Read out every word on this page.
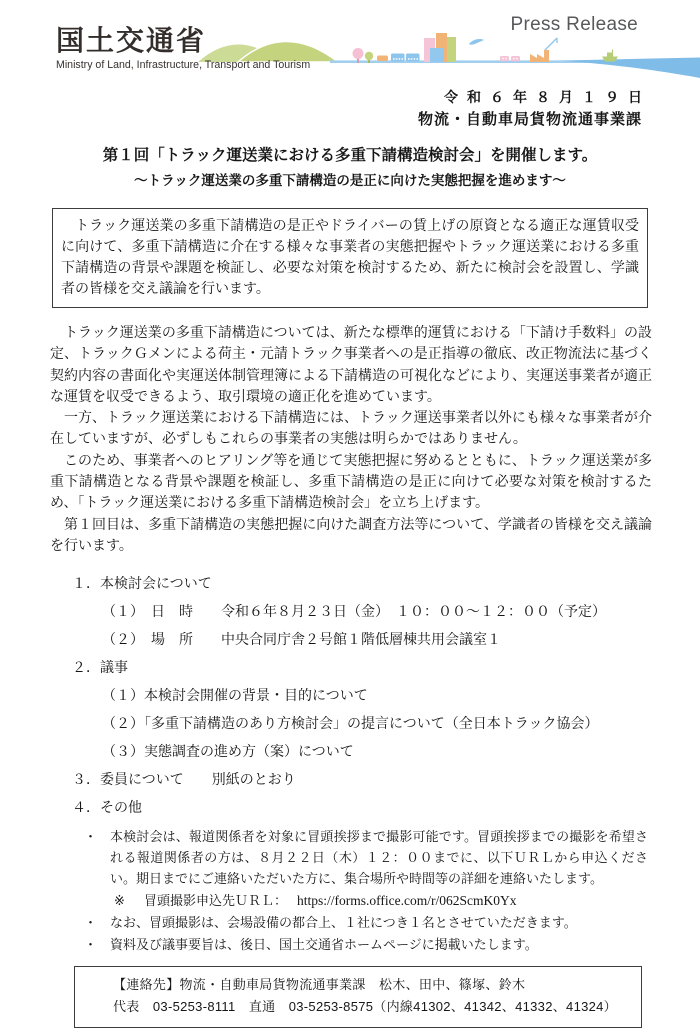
国土交通省
Ministry of Land, Infrastructure, Transport and Tourism
Press Release
令和６年８月１９日
物流・自動車局貨物流通事業課
第１回「トラック運送業における多重下請構造検討会」を開催します。
～トラック運送業の多重下請構造の是正に向けた実態把握を進めます～

トラック運送業の多重下請構造の是正やドライバーの賃上げの原資となる適正な運賃収受に向けて、多重下請構造に介在する様々な事業者の実態把握やトラック運送業における多重下請構造の背景や課題を検証し、必要な対策を検討するため、新たに検討会を設置し、学識者の皆様を交え議論を行います。

トラック運送業の多重下請構造については、新たな標準的運賃における「下請け手数料」の設定、トラックＧメンによる荷主・元請トラック事業者への是正指導の徹底、改正物流法に基づく契約内容の書面化や実運送体制管理簿による下請構造の可視化などにより、実運送事業者が適正な運賃を収受できるよう、取引環境の適正化を進めています。

一方、トラック運送業における下請構造には、トラック運送事業者以外にも様々な事業者が介在していますが、必ずしもこれらの事業者の実態は明らかではありません。

このため、事業者へのヒアリング等を通じて実態把握に努めるとともに、トラック運送業が多重下請構造となる背景や課題を検証し、多重下請構造の是正に向けて必要な対策を検討するため、「トラック運送業における多重下請構造検討会」を立ち上げます。

第１回目は、多重下請構造の実態把握に向けた調査方法等について、学識者の皆様を交え議論を行います。

１．本検討会について
（１）　日　時　　令和６年８月２３日（金）　１０：００～１２：００（予定）
（２）　場　所　　中央合同庁舎２号館１階低層棟共用会議室１
２．議事
（１）本検討会開催の背景・目的について
（２）「多重下請構造のあり方検討会」の提言について（全日本トラック協会）
（３）実態調査の進め方（案）について
３．委員について　　別紙のとおり
４．その他
・ 本検討会は、報道関係者を対象に冒頭挨拶まで撮影可能です。冒頭挨拶までの撮影を希望される報道関係者の方は、８月２２日（木）１２：００までに、以下ＵＲＬから申込ください。期日までにご連絡いただいた方に、集合場所や時間等の詳細を連絡いたします。
※	冒頭撮影申込先ＵＲＬ： https://forms.office.com/r/062ScmK0Yx
・ なお、冒頭撮影は、会場設備の都合上、１社につき１名とさせていただきます。
・ 資料及び議事要旨は、後日、国土交通省ホームページに掲載いたします。
【連絡先】物流・自動車局貨物流通事業課　松木、田中、篠塚、鈴木
代表　03-5253-8111　直通　03-5253-8575（内線41302、41342、41332、41324）
